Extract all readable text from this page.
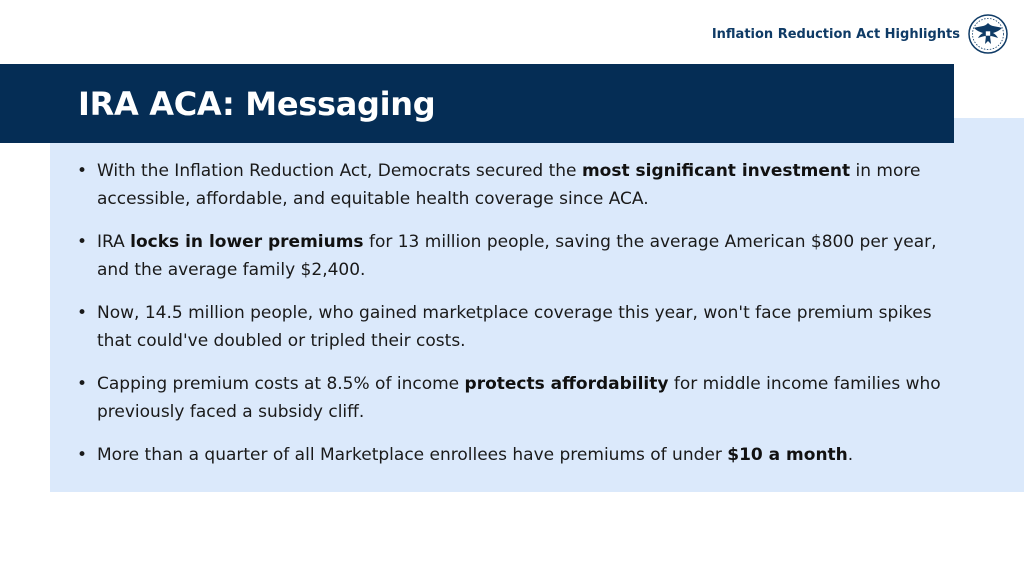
Inflation Reduction Act Highlights
IRA ACA: Messaging
• With the Inflation Reduction Act, Democrats secured the most significant investment in more accessible, affordable, and equitable health coverage since ACA.
• IRA locks in lower premiums for 13 million people, saving the average American $800 per year, and the average family $2,400.
• Now, 14.5 million people, who gained marketplace coverage this year, won't face premium spikes that could've doubled or tripled their costs.
• Capping premium costs at 8.5% of income protects affordability for middle income families who previously faced a subsidy cliff.
• More than a quarter of all Marketplace enrollees have premiums of under $10 a month.
